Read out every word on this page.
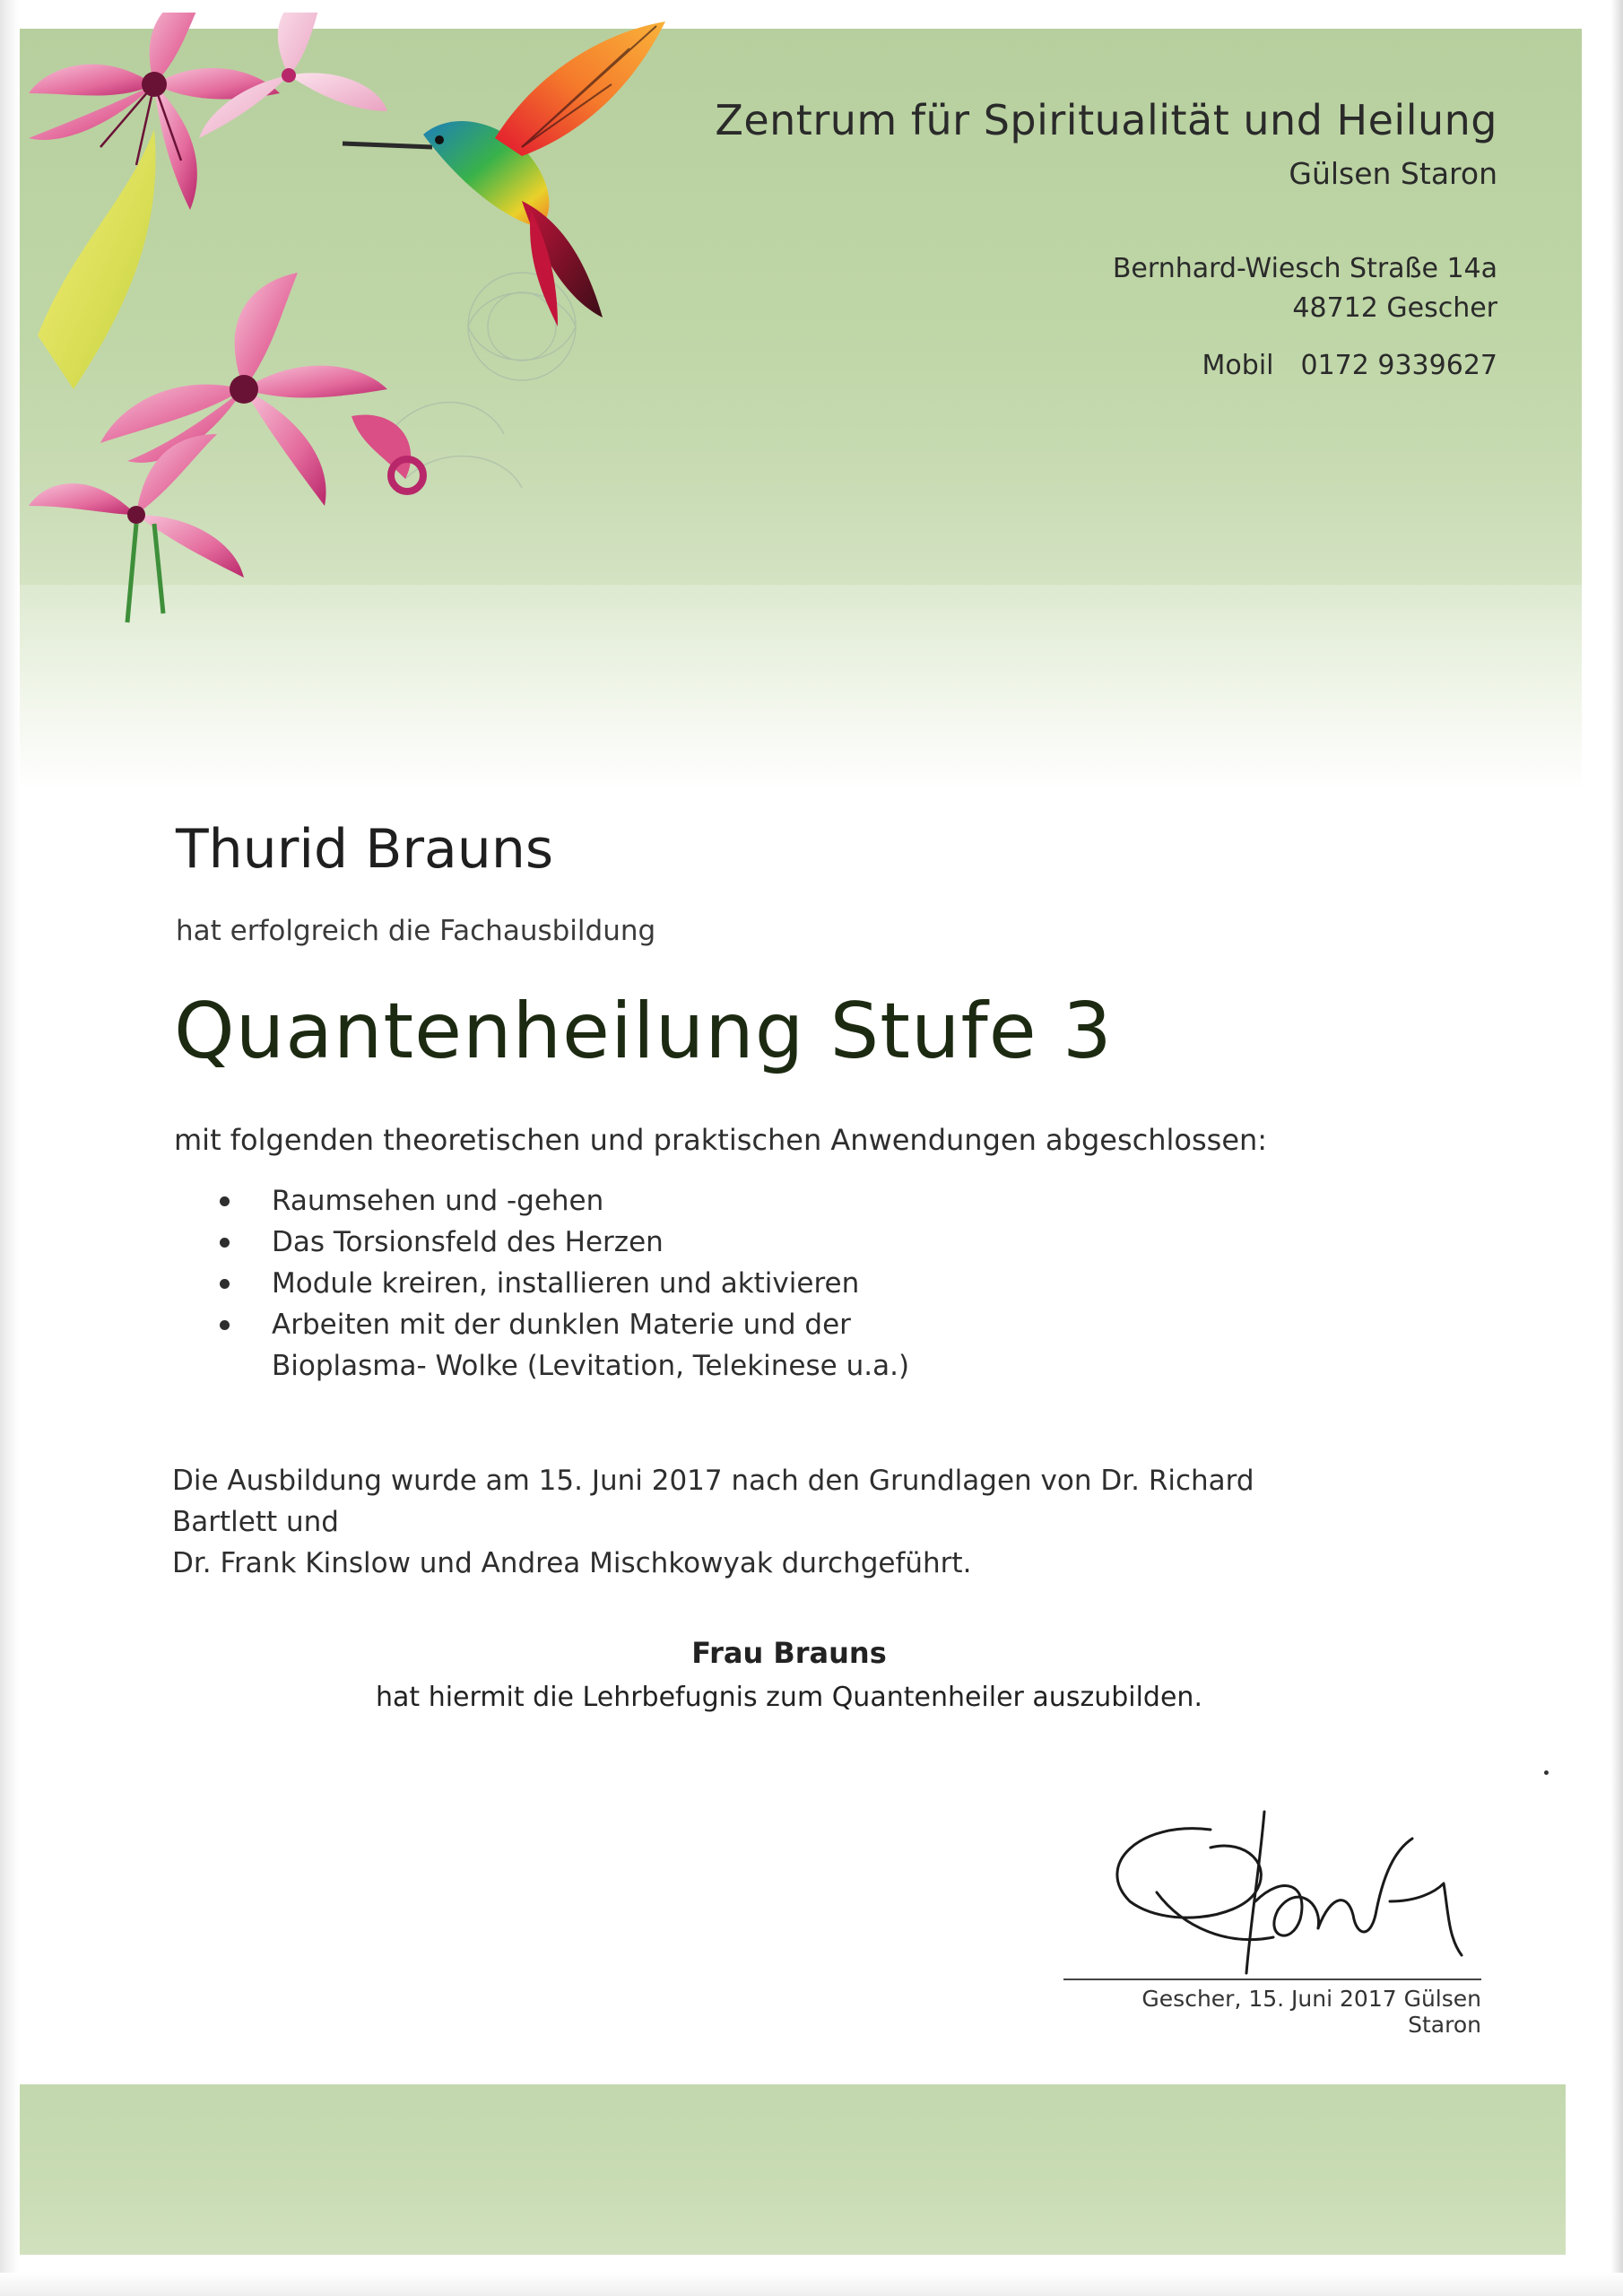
Zentrum für Spiritualität und Heilung
Gülsen Staron
Bernhard-Wiesch Straße 14a
48712 Gescher
Mobil 0172 9339627
Thurid Brauns
hat erfolgreich die Fachausbildung
Quantenheilung Stufe 3
mit folgenden theoretischen und praktischen Anwendungen abgeschlossen:
Raumsehen und -gehen
Das Torsionsfeld des Herzen
Module kreiren, installieren und aktivieren
Arbeiten mit der dunklen Materie und der
Bioplasma- Wolke (Levitation, Telekinese u.a.)
Die Ausbildung wurde am 15. Juni 2017 nach den Grundlagen von Dr. Richard Bartlett und
Dr. Frank Kinslow und Andrea Mischkowyak durchgeführt.
Frau Brauns
hat hiermit die Lehrbefugnis zum Quantenheiler auszubilden.
Gescher, 15. Juni 2017 Gülsen Staron
